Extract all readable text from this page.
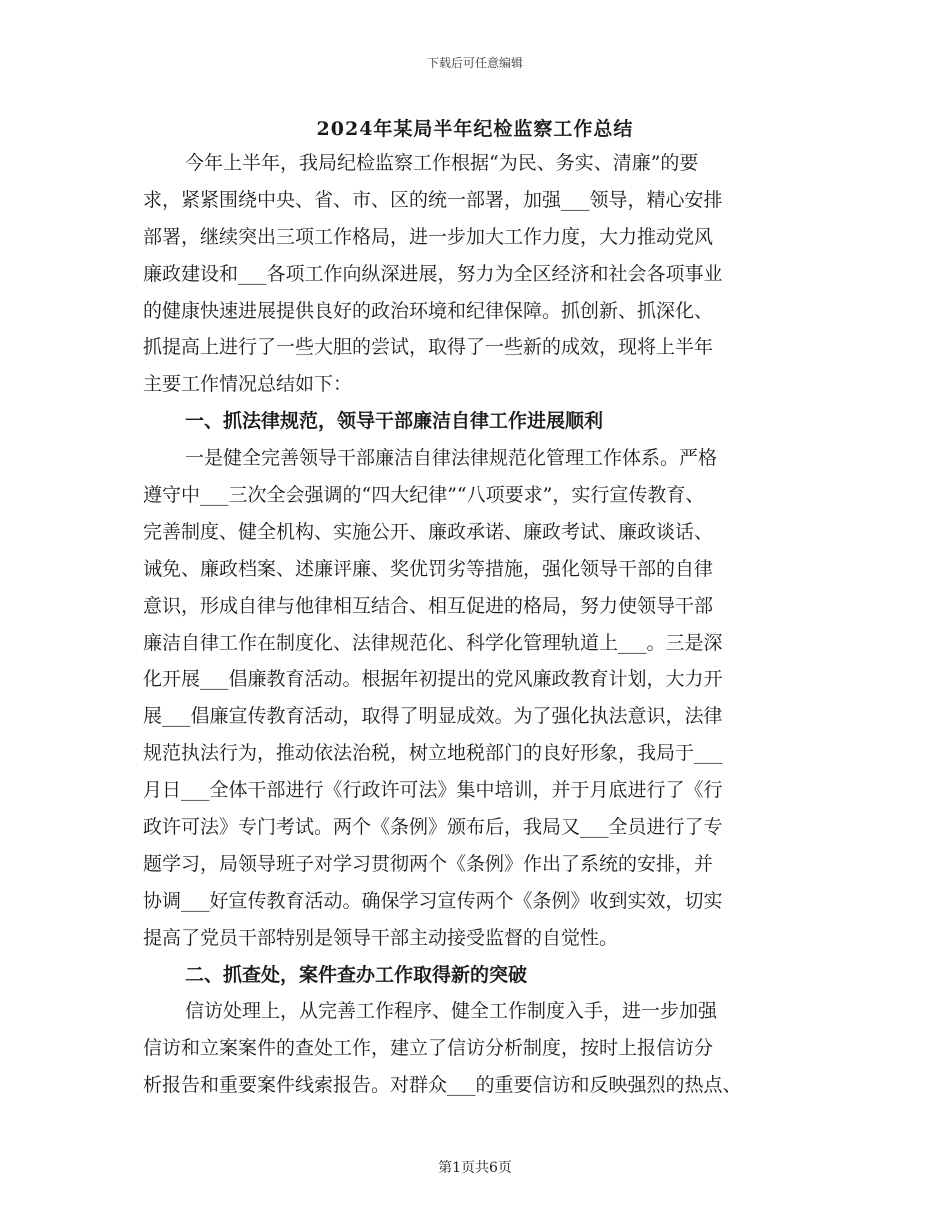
下载后可任意编辑
2024年某局半年纪检监察工作总结
今年上半年，我局纪检监察工作根据“为民、务实、清廉”的要
求，紧紧围绕中央、省、市、区的统一部署，加强___领导，精心安排
部署，继续突出三项工作格局，进一步加大工作力度，大力推动党风
廉政建设和___各项工作向纵深进展，努力为全区经济和社会各项事业
的健康快速进展提供良好的政治环境和纪律保障。抓创新、抓深化、
抓提高上进行了一些大胆的尝试，取得了一些新的成效，现将上半年
主要工作情况总结如下：
一、抓法律规范，领导干部廉洁自律工作进展顺利
一是健全完善领导干部廉洁自律法律规范化管理工作体系。严格
遵守中___三次全会强调的“四大纪律”“八项要求”，实行宣传教育、
完善制度、健全机构、实施公开、廉政承诺、廉政考试、廉政谈话、
诫免、廉政档案、述廉评廉、奖优罚劣等措施，强化领导干部的自律
意识，形成自律与他律相互结合、相互促进的格局，努力使领导干部
廉洁自律工作在制度化、法律规范化、科学化管理轨道上___。三是深
化开展___倡廉教育活动。根据年初提出的党风廉政教育计划，大力开
展___倡廉宣传教育活动，取得了明显成效。为了强化执法意识，法律
规范执法行为，推动依法治税，树立地税部门的良好形象，我局于___
月日___全体干部进行《行政许可法》集中培训，并于月底进行了《行
政许可法》专门考试。两个《条例》颁布后，我局又___全员进行了专
题学习，局领导班子对学习贯彻两个《条例》作出了系统的安排，并
协调___好宣传教育活动。确保学习宣传两个《条例》收到实效，切实
提高了党员干部特别是领导干部主动接受监督的自觉性。
二、抓查处，案件查办工作取得新的突破
信访处理上，从完善工作程序、健全工作制度入手，进一步加强
信访和立案案件的查处工作，建立了信访分析制度，按时上报信访分
析报告和重要案件线索报告。对群众___的重要信访和反映强烈的热点、
第1页共6页
